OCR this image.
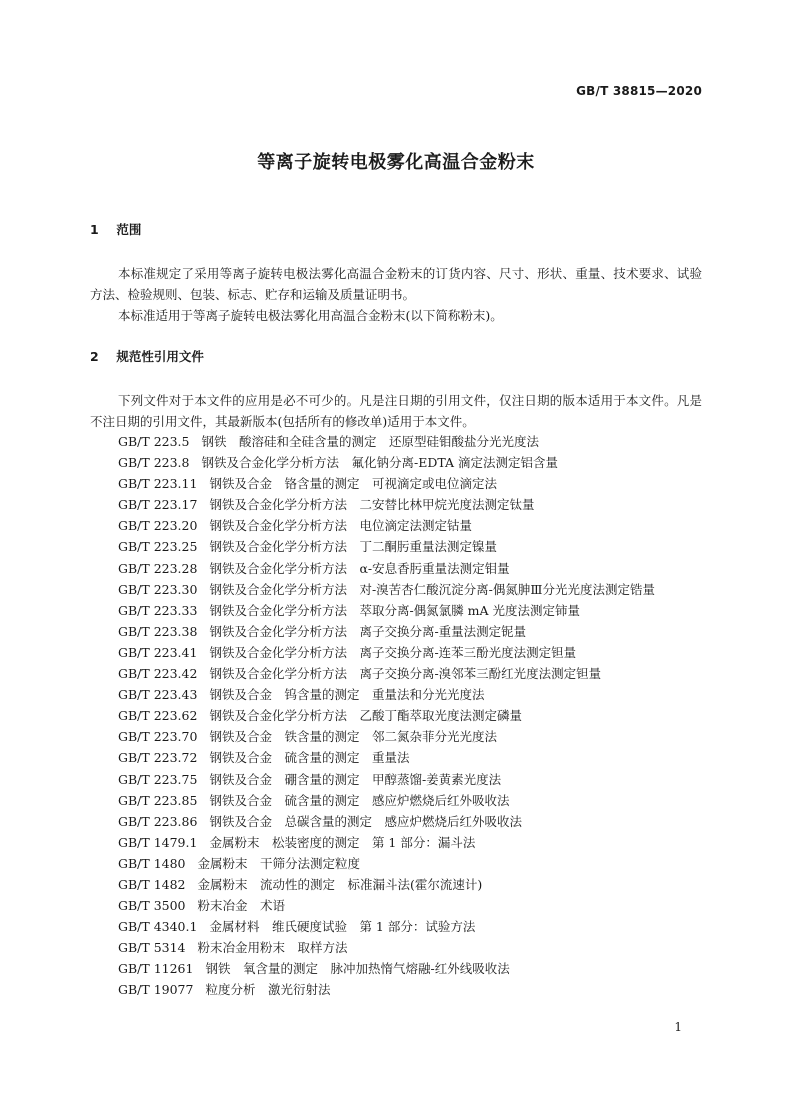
GB/T 38815—2020
等离子旋转电极雾化高温合金粉末
1 范围
本标准规定了采用等离子旋转电极法雾化高温合金粉末的订货内容、尺寸、形状、重量、技术要求、试验方法、检验规则、包装、标志、贮存和运输及质量证明书。
本标准适用于等离子旋转电极法雾化用高温合金粉末(以下简称粉末)。
2 规范性引用文件
下列文件对于本文件的应用是必不可少的。凡是注日期的引用文件，仅注日期的版本适用于本文件。凡是不注日期的引用文件，其最新版本(包括所有的修改单)适用于本文件。
GB/T 223.5 钢铁　酸溶硅和全硅含量的测定　还原型硅钼酸盐分光光度法
GB/T 223.8 钢铁及合金化学分析方法　氟化钠分离-EDTA 滴定法测定铝含量
GB/T 223.11 钢铁及合金　铬含量的测定　可视滴定或电位滴定法
GB/T 223.17 钢铁及合金化学分析方法　二安替比林甲烷光度法测定钛量
GB/T 223.20 钢铁及合金化学分析方法　电位滴定法测定钴量
GB/T 223.25 钢铁及合金化学分析方法　丁二酮肟重量法测定镍量
GB/T 223.28 钢铁及合金化学分析方法　α-安息香肟重量法测定钼量
GB/T 223.30 钢铁及合金化学分析方法　对-溴苦杏仁酸沉淀分离-偶氮胂Ⅲ分光光度法测定锆量
GB/T 223.33 钢铁及合金化学分析方法　萃取分离-偶氮氯膦 mA 光度法测定铈量
GB/T 223.38 钢铁及合金化学分析方法　离子交换分离-重量法测定铌量
GB/T 223.41 钢铁及合金化学分析方法　离子交换分离-连苯三酚光度法测定钽量
GB/T 223.42 钢铁及合金化学分析方法　离子交换分离-溴邻苯三酚红光度法测定钽量
GB/T 223.43 钢铁及合金　钨含量的测定　重量法和分光光度法
GB/T 223.62 钢铁及合金化学分析方法　乙酸丁酯萃取光度法测定磷量
GB/T 223.70 钢铁及合金　铁含量的测定　邻二氮杂菲分光光度法
GB/T 223.72 钢铁及合金　硫含量的测定　重量法
GB/T 223.75 钢铁及合金　硼含量的测定　甲醇蒸馏-姜黄素光度法
GB/T 223.85 钢铁及合金　硫含量的测定　感应炉燃烧后红外吸收法
GB/T 223.86 钢铁及合金　总碳含量的测定　感应炉燃烧后红外吸收法
GB/T 1479.1 金属粉末　松装密度的测定　第 1 部分：漏斗法
GB/T 1480 金属粉末　干筛分法测定粒度
GB/T 1482 金属粉末　流动性的测定　标准漏斗法(霍尔流速计)
GB/T 3500 粉末冶金　术语
GB/T 4340.1 金属材料　维氏硬度试验　第 1 部分：试验方法
GB/T 5314 粉末冶金用粉末　取样方法
GB/T 11261 钢铁　氧含量的测定　脉冲加热惰气熔融-红外线吸收法
GB/T 19077 粒度分析　激光衍射法
1
